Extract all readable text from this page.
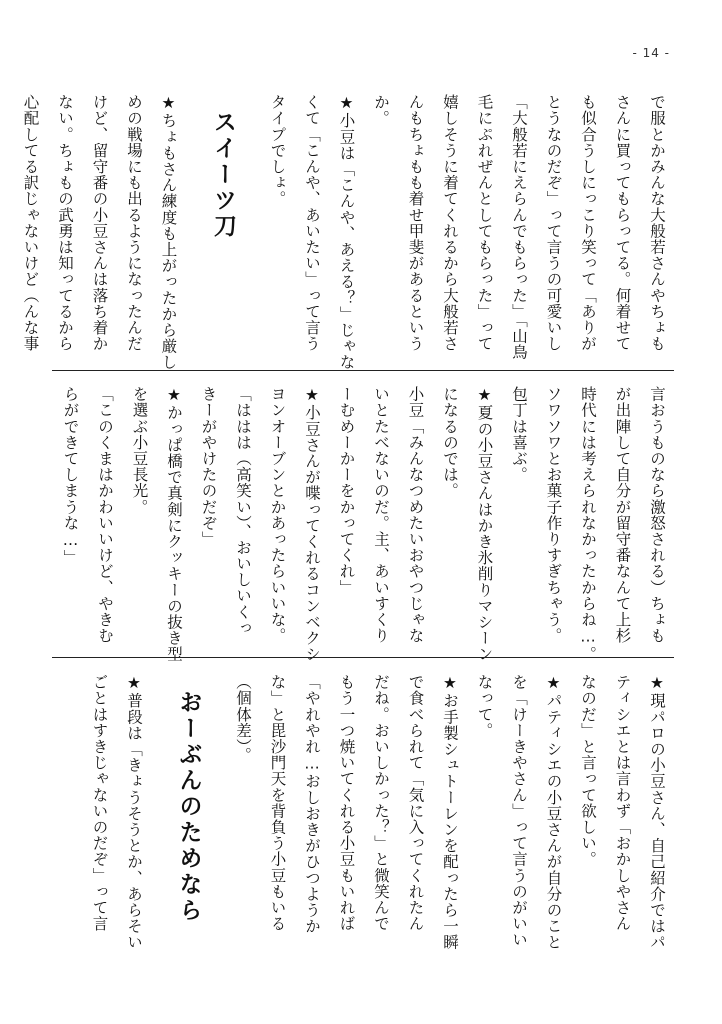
- 14 -

で服とかみんな大般若さんやちょも

さんに買ってもらってる。何着せて

も似合うしにっこり笑って「ありが

とうなのだぞ」って言うの可愛いし

「大般若にえらんでもらった」「山鳥

毛にぷれぜんとしてもらった」って

嬉しそうに着てくれるから大般若さ

んもちょもも着せ甲斐があるという

か。

★小豆は「こんや、あえる？」じゃな

くて「こんや、あいたい」って言う

タイプでしょ。

スイーツ刀

★ちょもさん練度も上がったから厳し

めの戦場にも出るようになったんだ

けど、留守番の小豆さんは落ち着か

ない。ちょもの武勇は知ってるから

心配してる訳じゃないけど（んな事

言おうものなら激怒される）ちょも

が出陣して自分が留守番なんて上杉

時代には考えられなかったからね…。

ソワソワとお菓子作りすぎちゃう。

包丁は喜ぶ。

★夏の小豆さんはかき氷削りマシーン

になるのでは。

小豆「みんなつめたいおやつじゃな

いとたべないのだ。主、あいすくり

ーむめーかーをかってくれ」

★小豆さんが喋ってくれるコンベクシ

ヨンオーブンとかあったらいいな。

「ははは（高笑い）、おいしいくっ

きーがやけたのだぞ」

★かっぱ橋で真剣にクッキーの抜き型

を選ぶ小豆長光。

「このくまはかわいいけど、やきむ

らができてしまうな…」

★現パロの小豆さん、自己紹介ではパ

ティシエとは言わず「おかしやさん

なのだ」と言って欲しい。

★パティシエの小豆さんが自分のこと

を「けーきやさん」って言うのがいい

なって。

★お手製シュトーレンを配ったら一瞬

で食べられて「気に入ってくれたん

だね。おいしかった？」と微笑んで

もう一つ焼いてくれる小豆もいれば

「やれやれ…おしおきがひつようか

な」と毘沙門天を背負う小豆もいる

（個体差）。

おーぶんのためなら

★普段は「きょうそうとか、あらそい

ごとはすきじゃないのだぞ」って言
